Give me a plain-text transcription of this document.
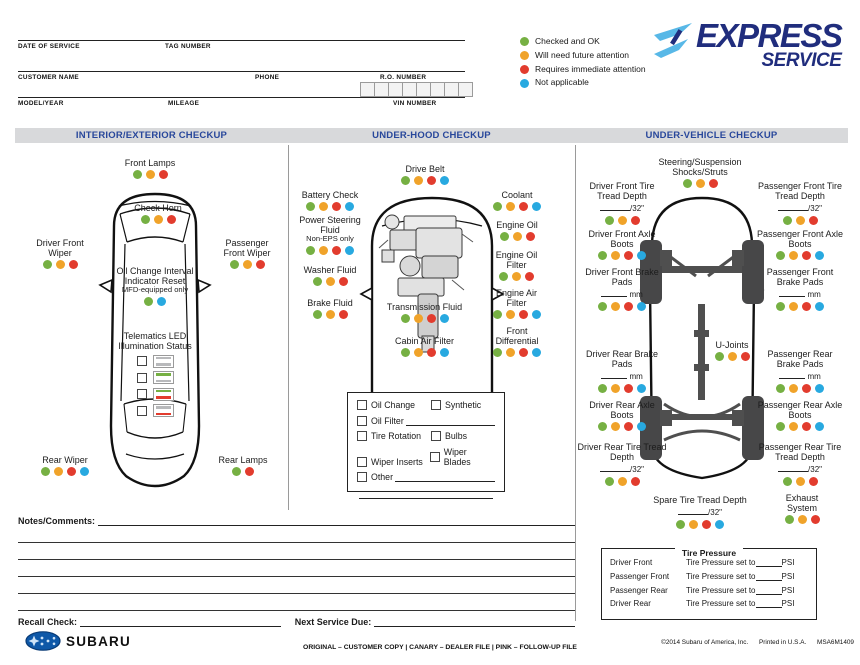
DATE OF SERVICE	TAG NUMBER
CUSTOMER NAME	PHONE	R.O. NUMBER
MODEL/YEAR	MILEAGE	VIN NUMBER
Checked and OK
Will need future attention
Requires immediate attention
Not applicable
EXPRESS
SERVICE
INTERIOR/EXTERIOR CHECKUP
Front Lamps
Check Horn
Driver Front Wiper
Passenger Front Wiper
Oil Change Interval Indicator Reset
MFD-equipped only
Telematics LED Illumination Status
Rear Wiper	Rear Lamps
UNDER-HOOD CHECKUP
Drive Belt
Battery Check
Power Steering Fluid
Non-EPS only
Washer Fluid
Brake Fluid
Coolant
Engine Oil
Engine Oil Filter
Engine Air Filter
Front Differential
Transmission Fluid
Cabin Air Filter
Oil Change	Synthetic
Oil Filter
Tire Rotation	Bulbs
Wiper Inserts
Wiper Blades
Other
UNDER-VEHICLE CHECKUP
Steering/Suspension Shocks/Struts
Driver Front Tire Tread Depth
/32"
Driver Front Axle Boots
Driver Front Brake Pads
mm
Passenger Front Tire Tread Depth
/32"
Passenger Front Axle Boots
Passenger Front Brake Pads
mm
U-Joints
Driver Rear Brake Pads
mm
Driver Rear Axle Boots
Driver Rear Tire Tread Depth
/32"
Passenger Rear Brake Pads
mm
Passenger Rear Axle Boots
Passenger Rear Tire Tread Depth
/32"
Spare Tire Tread Depth
/32"
Exhaust System
Tire Pressure
Driver Front	Tire Pressure set to	PSI
Passenger Front	Tire Pressure set to	PSI
Passenger Rear	Tire Pressure set to	PSI
Driver Rear	Tire Pressure set to	PSI
Notes/Comments:
Recall Check:	Next Service Due:
SUBARU	ORIGINAL – CUSTOMER COPY | CANARY – DEALER FILE | PINK – FOLLOW-UP FILE
©2014 Subaru of America, Inc. Printed in U.S.A. MSA6M1409
